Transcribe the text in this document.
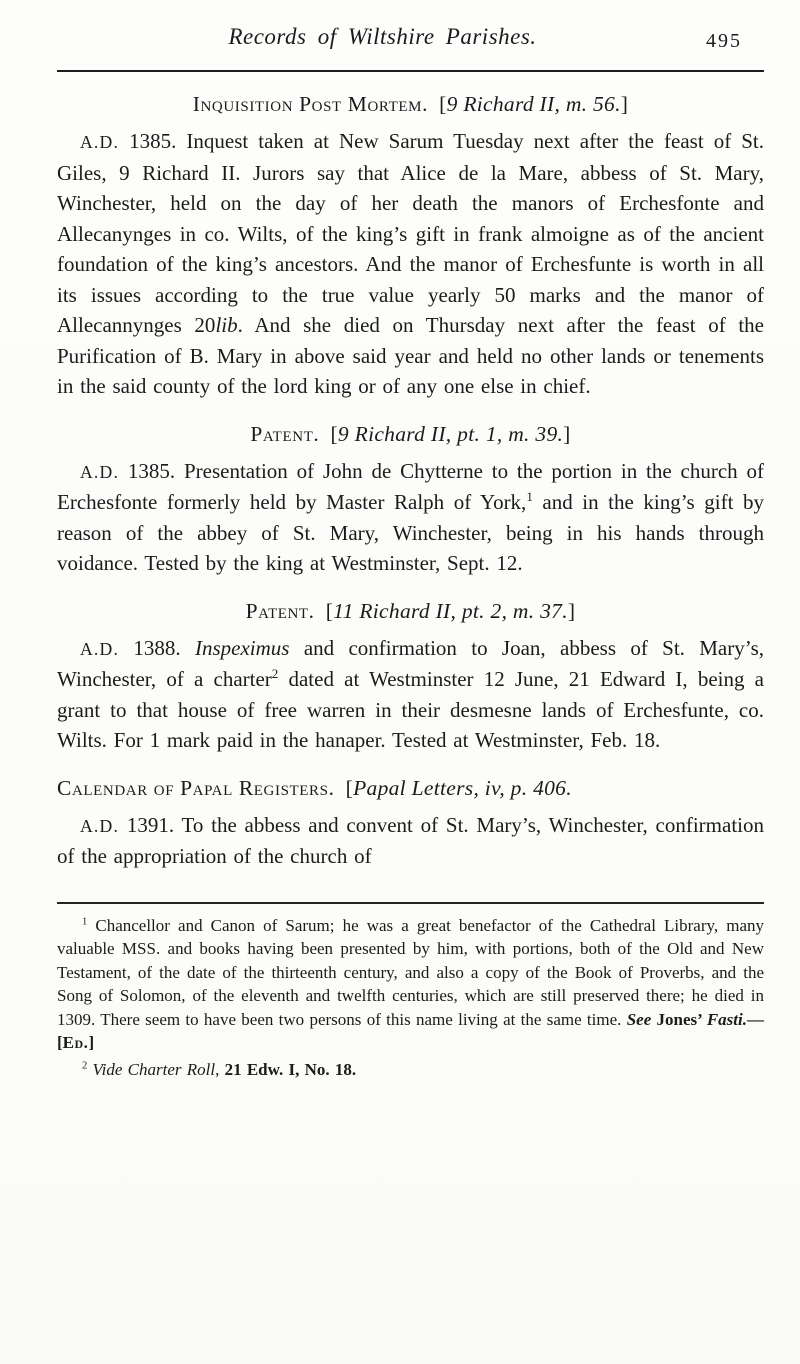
Records of Wiltshire Parishes.	495
Inquisition Post Mortem. [9 Richard II, m. 56.]

A.D. 1385. Inquest taken at New Sarum Tuesday next after the feast of St. Giles, 9 Richard II. Jurors say that Alice de la Mare, abbess of St. Mary, Winchester, held on the day of her death the manors of Erchesfonte and Allecanynges in co. Wilts, of the king’s gift in frank almoigne as of the ancient foundation of the king’s ancestors. And the manor of Erchesfunte is worth in all its issues according to the true value yearly 50 marks and the manor of Allecannynges 20lib. And she died on Thursday next after the feast of the Purification of B. Mary in above said year and held no other lands or tenements in the said county of the lord king or of any one else in chief.

Patent. [9 Richard II, pt. 1, m. 39.]

A.D. 1385. Presentation of John de Chytterne to the portion in the church of Erchesfonte formerly held by Master Ralph of York,$^1$ and in the king’s gift by reason of the abbey of St. Mary, Winchester, being in his hands through voidance. Tested by the king at Westminster, Sept. 12.

Patent. [11 Richard II, pt. 2, m. 37.]

A.D. 1388. Inspeximus and confirmation to Joan, abbess of St. Mary’s, Winchester, of a charter$^2$ dated at Westminster 12 June, 21 Edward I, being a grant to that house of free warren in their desmesne lands of Erchesfunte, co. Wilts. For 1 mark paid in the hanaper. Tested at Westminster, Feb. 18.

Calendar of Papal Registers. [Papal Letters, iv, p. 406.

A.D. 1391. To the abbess and convent of St. Mary’s, Winchester, confirmation of the appropriation of the church of

$^1$ Chancellor and Canon of Sarum; he was a great benefactor of the Cathedral Library, many valuable MSS. and books having been presented by him, with portions, both of the Old and New Testament, of the date of the thirteenth century, and also a copy of the Book of Proverbs, and the Song of Solomon, of the eleventh and twelfth centuries, which are still preserved there; he died in 1309. There seem to have been two persons of this name living at the same time. See Jones’ Fasti.—[Ed.]

$^2$ Vide Charter Roll, 21 Edw. I, No. 18.
